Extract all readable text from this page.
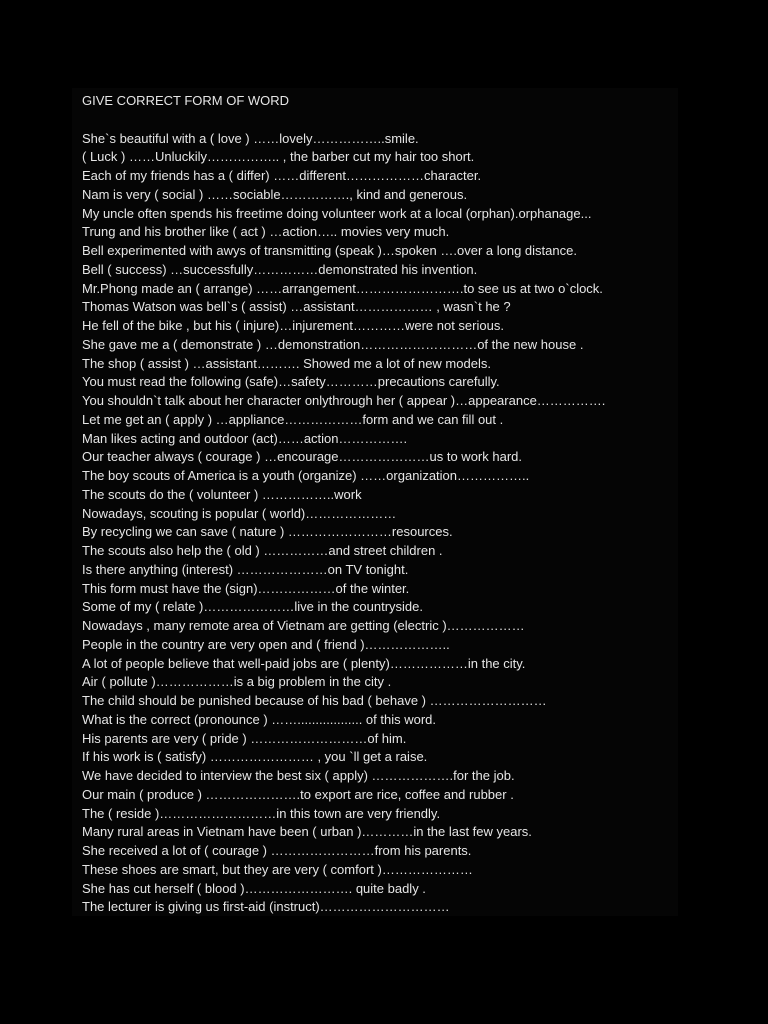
GIVE CORRECT FORM OF WORD
She`s beautiful with a ( love ) ……lovely……………..smile.
( Luck ) ……Unluckily…………….. , the barber cut my hair too short.
Each of my friends has a ( differ) ……different………………character.
Nam is very ( social ) ……sociable……………., kind and generous.
My uncle often spends his freetime doing volunteer work at a local (orphan).orphanage...
Trung and his brother like ( act ) …action….. movies very much.
Bell experimented with awys of transmitting (speak )…spoken ….over a long distance.
Bell ( success) …successfully……………demonstrated his invention.
Mr.Phong made an ( arrange) ……arrangement…………………….to see us at two o`clock.
Thomas Watson was bell`s ( assist) …assistant……………… , wasn`t he ?
He fell of the bike , but his ( injure)…injurement…………were not serious.
She gave me a ( demonstrate ) …demonstration………………………of the new house .
The shop ( assist ) …assistant………. Showed me a lot of new models.
You must read the following (safe)…safety…………precautions carefully.
You shouldn`t talk about her character onlythrough her ( appear )…appearance…………….
Let me get an ( apply ) …appliance………………form and we can fill out .
Man likes acting and outdoor (act)……action…………….
Our teacher always ( courage ) …encourage…………………us to work hard.
The boy scouts of America is a youth (organize) ……organization……………..
The scouts do the ( volunteer ) ……………..work
Nowadays, scouting is popular ( world)…………………
By recycling we can save ( nature ) ……………………resources.
The scouts also help the ( old ) ……………and street children .
Is there anything (interest) …………………on TV tonight.
This form must have the (sign)………………of the winter.
Some of my ( relate )…………………live in the countryside.
Nowadays , many remote area of Vietnam are getting (electric )………………
People in the country are very open and ( friend )………………..
A lot of people believe that well-paid jobs are ( plenty)………………in the city.
Air ( pollute )………………is a big problem in the city .
The child should be punished because of his bad ( behave ) ………………………
What is the correct (pronounce ) …….................. of this word.
His parents are very ( pride ) ………………………of him.
If his work is ( satisfy) …………………… , you `ll get a raise.
We have decided to interview the best six ( apply) ……………….for the job.
Our main ( produce ) ………………….to export are rice, coffee and rubber .
The ( reside )………………………in this town are very friendly.
Many rural areas in Vietnam have been ( urban )…………in the last few years.
She received a lot of ( courage ) ……………………from his parents.
These shoes are smart, but they are very ( comfort )…………………
She has cut herself ( blood )……………………. quite badly .
The lecturer is giving us first-aid (instruct)…………………………
